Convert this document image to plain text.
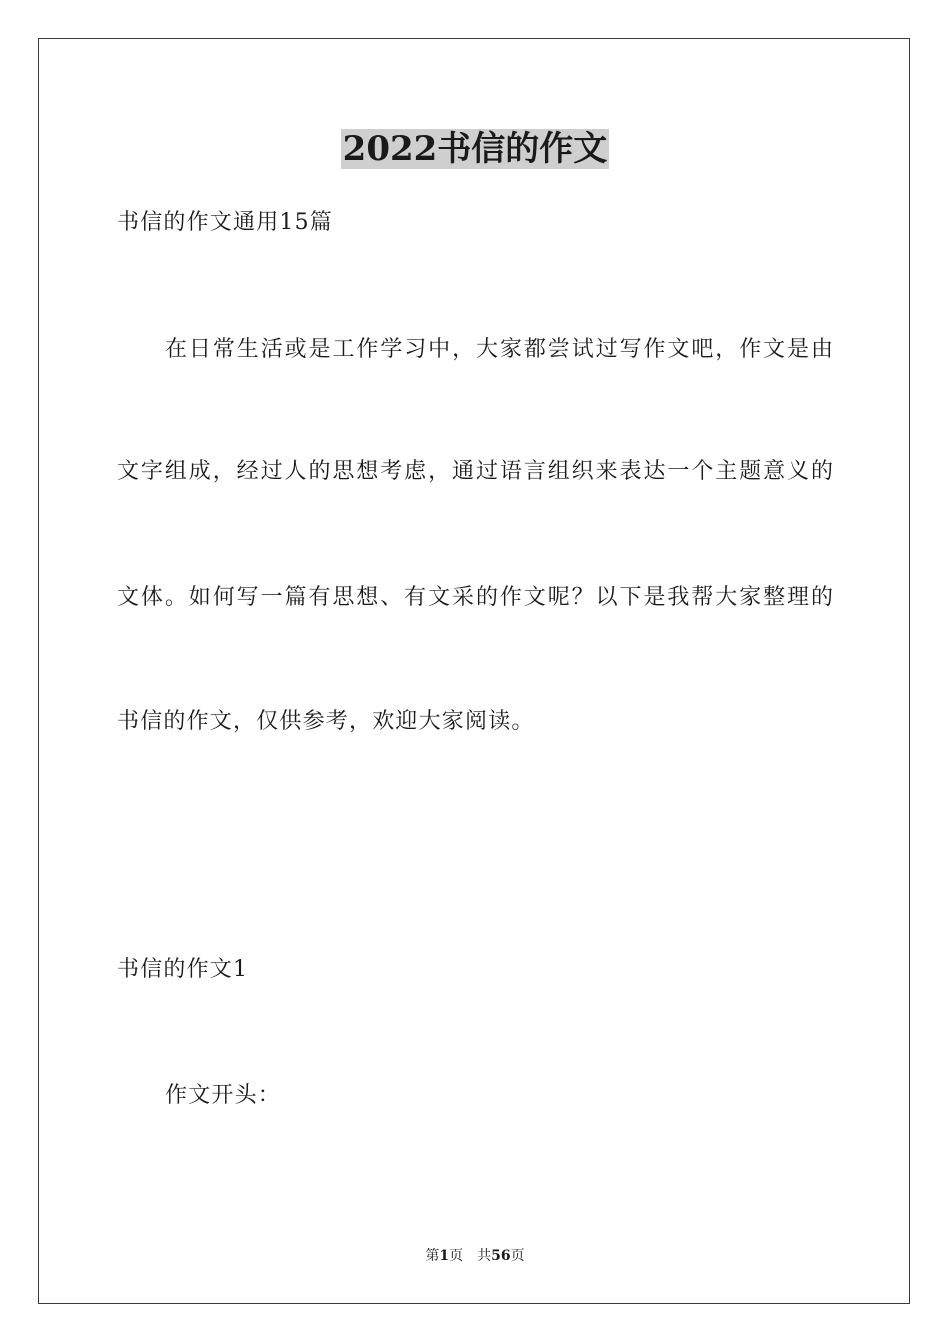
2022书信的作文
书信的作文通用15篇
在日常生活或是工作学习中，大家都尝试过写作文吧，作文是由
文字组成，经过人的思想考虑，通过语言组织来表达一个主题意义的
文体。如何写一篇有思想、有文采的作文呢？以下是我帮大家整理的
书信的作文，仅供参考，欢迎大家阅读。
书信的作文1
作文开头：
第1页　共56页
